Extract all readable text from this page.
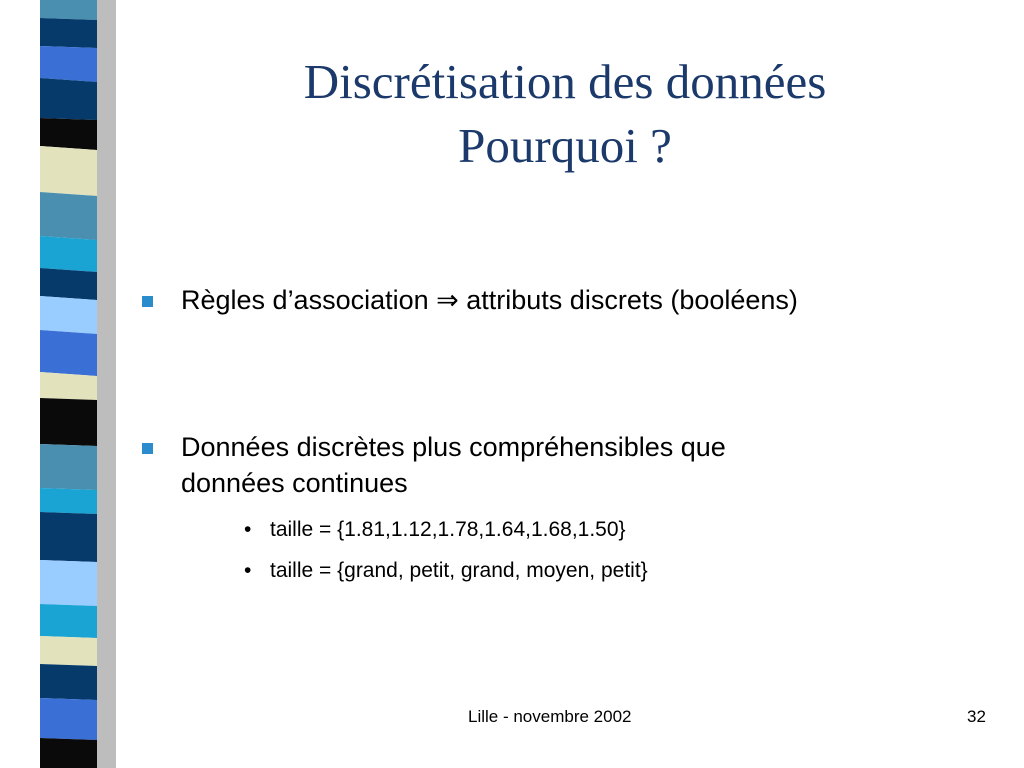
Discrétisation des données
Pourquoi ?
Règles d’association ⇒ attributs discrets (booléens)
Données discrètes plus compréhensibles que
données continues
• taille = {1.81,1.12,1.78,1.64,1.68,1.50}
• taille = {grand, petit, grand, moyen, petit}
Lille - novembre 2002	32
